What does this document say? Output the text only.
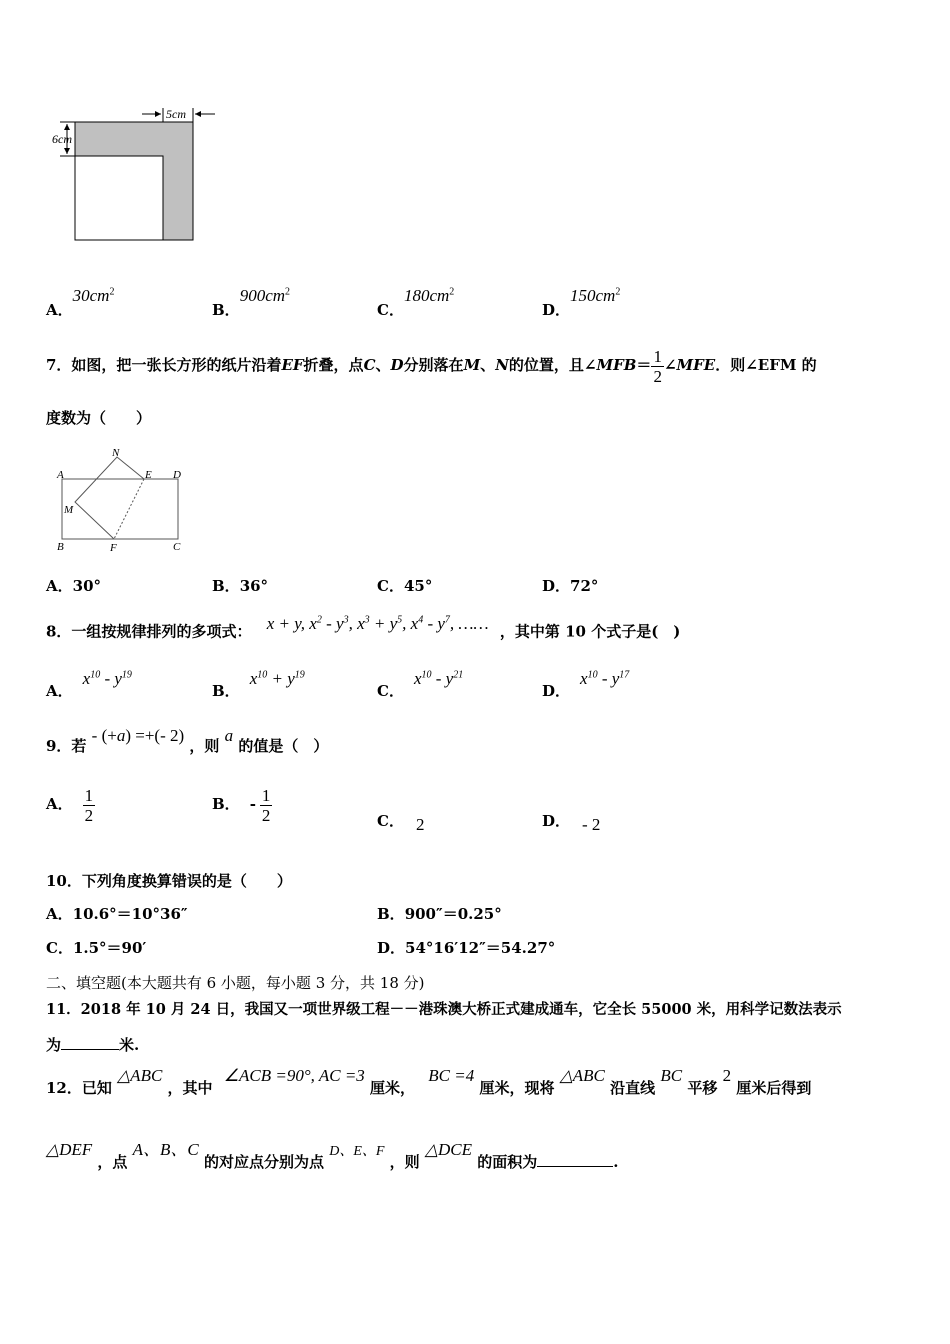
5cm
6cm
A．$30cm^2$
B．$900cm^2$
C．$180cm^2$
D．$150cm^2$
7．如图，把一张长方形的纸片沿着EF折叠，点C、D分别落在M、N的位置，且∠MFB＝ $\frac{1}{2}$ ∠MFE．则∠EFM 的
度数为（　　）
A
N
E D
M
B	F	C
A．30°	B．36°	C．45°	D．72°
8．一组按规律排列的多项式： x + y, $x^2 - y^3$, $x^3 + y^5$, $x^4 - y^7$, …… ，其中第 10 个式子是(　)
A．$x^{10} - y^{19}$
B．$x^{10} + y^{19}$
C．$x^{10} - y^{21}$
D．$x^{10} - y^{17}$
9．若 - (+a) =+(- 2) ，则 a 的值是（　）
A． $\frac{1}{2}$	B． - $\frac{1}{2}$	C． 2	D． - 2
10．下列角度换算错误的是（　　）
A．10.6°＝10°36″	B．900″＝0.25°
C．1.5°＝90′	D．54°16′12″＝54.27°
二、填空题(本大题共有 6 小题，每小题 3 分，共 18 分)
11．2018 年 10 月 24 日，我国又一项世界级工程－－港珠澳大桥正式建成通车，它全长 55000 米，用科学记数法表示
为	米.
12．已知 △ABC ，其中 ∠ACB =90°, AC =3 厘米， BC =4 厘米，现将 △ABC 沿直线 BC 平移 2 厘米后得到
△DEF ，点 A、B、C 的对应点分别为点 D、E、F ，则 △DCE 的面积为	.
